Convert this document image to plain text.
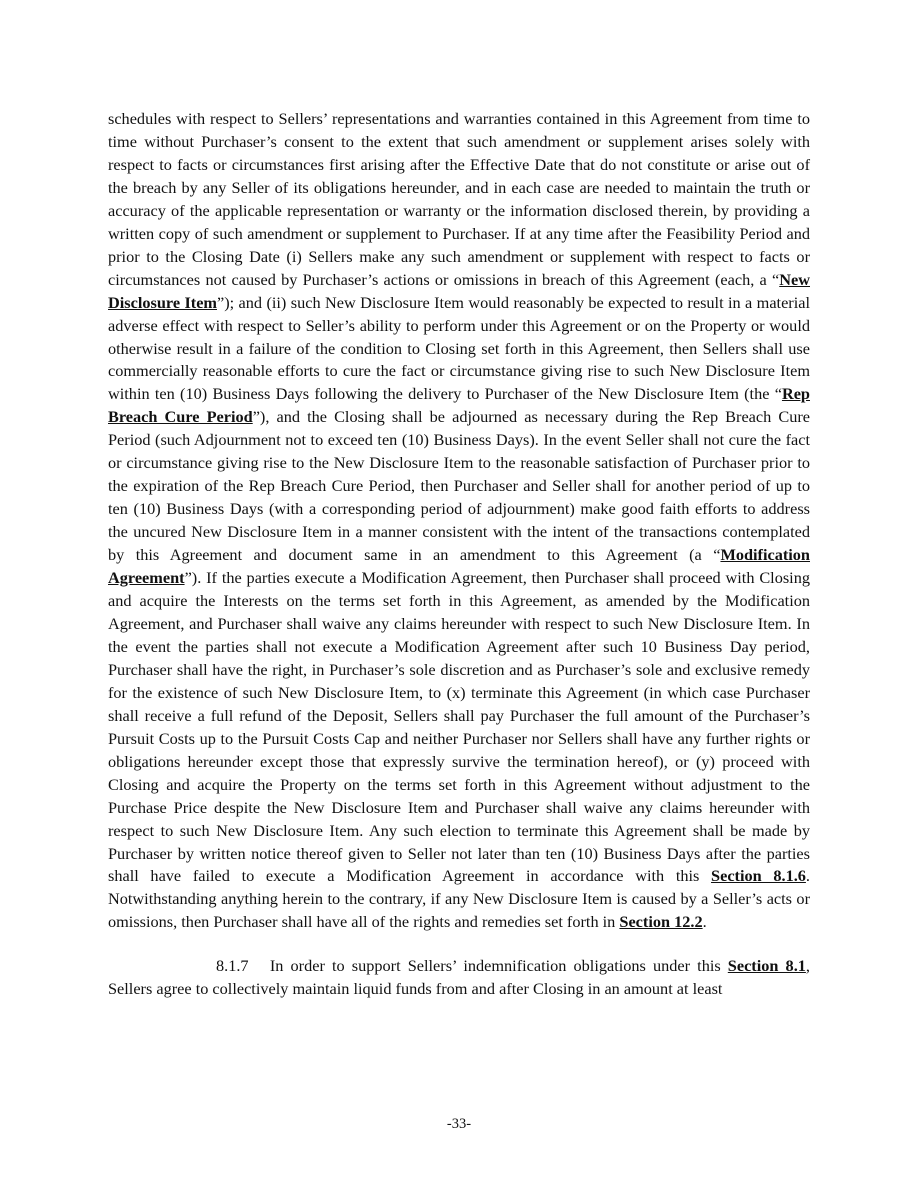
schedules with respect to Sellers’ representations and warranties contained in this Agreement from time to time without Purchaser’s consent to the extent that such amendment or supplement arises solely with respect to facts or circumstances first arising after the Effective Date that do not constitute or arise out of the breach by any Seller of its obligations hereunder, and in each case are needed to maintain the truth or accuracy of the applicable representation or warranty or the information disclosed therein, by providing a written copy of such amendment or supplement to Purchaser. If at any time after the Feasibility Period and prior to the Closing Date (i) Sellers make any such amendment or supplement with respect to facts or circumstances not caused by Purchaser’s actions or omissions in breach of this Agreement (each, a “New Disclosure Item”); and (ii) such New Disclosure Item would reasonably be expected to result in a material adverse effect with respect to Seller’s ability to perform under this Agreement or on the Property or would otherwise result in a failure of the condition to Closing set forth in this Agreement, then Sellers shall use commercially reasonable efforts to cure the fact or circumstance giving rise to such New Disclosure Item within ten (10) Business Days following the delivery to Purchaser of the New Disclosure Item (the “Rep Breach Cure Period”), and the Closing shall be adjourned as necessary during the Rep Breach Cure Period (such Adjournment not to exceed ten (10) Business Days). In the event Seller shall not cure the fact or circumstance giving rise to the New Disclosure Item to the reasonable satisfaction of Purchaser prior to the expiration of the Rep Breach Cure Period, then Purchaser and Seller shall for another period of up to ten (10) Business Days (with a corresponding period of adjournment) make good faith efforts to address the uncured New Disclosure Item in a manner consistent with the intent of the transactions contemplated by this Agreement and document same in an amendment to this Agreement (a “Modification Agreement”). If the parties execute a Modification Agreement, then Purchaser shall proceed with Closing and acquire the Interests on the terms set forth in this Agreement, as amended by the Modification Agreement, and Purchaser shall waive any claims hereunder with respect to such New Disclosure Item. In the event the parties shall not execute a Modification Agreement after such 10 Business Day period, Purchaser shall have the right, in Purchaser’s sole discretion and as Purchaser’s sole and exclusive remedy for the existence of such New Disclosure Item, to (x) terminate this Agreement (in which case Purchaser shall receive a full refund of the Deposit, Sellers shall pay Purchaser the full amount of the Purchaser’s Pursuit Costs up to the Pursuit Costs Cap and neither Purchaser nor Sellers shall have any further rights or obligations hereunder except those that expressly survive the termination hereof), or (y) proceed with Closing and acquire the Property on the terms set forth in this Agreement without adjustment to the Purchase Price despite the New Disclosure Item and Purchaser shall waive any claims hereunder with respect to such New Disclosure Item. Any such election to terminate this Agreement shall be made by Purchaser by written notice thereof given to Seller not later than ten (10) Business Days after the parties shall have failed to execute a Modification Agreement in accordance with this Section 8.1.6. Notwithstanding anything herein to the contrary, if any New Disclosure Item is caused by a Seller’s acts or omissions, then Purchaser shall have all of the rights and remedies set forth in Section 12.2.

8.1.7   In order to support Sellers’ indemnification obligations under this Section 8.1, Sellers agree to collectively maintain liquid funds from and after Closing in an amount at least

-33-
